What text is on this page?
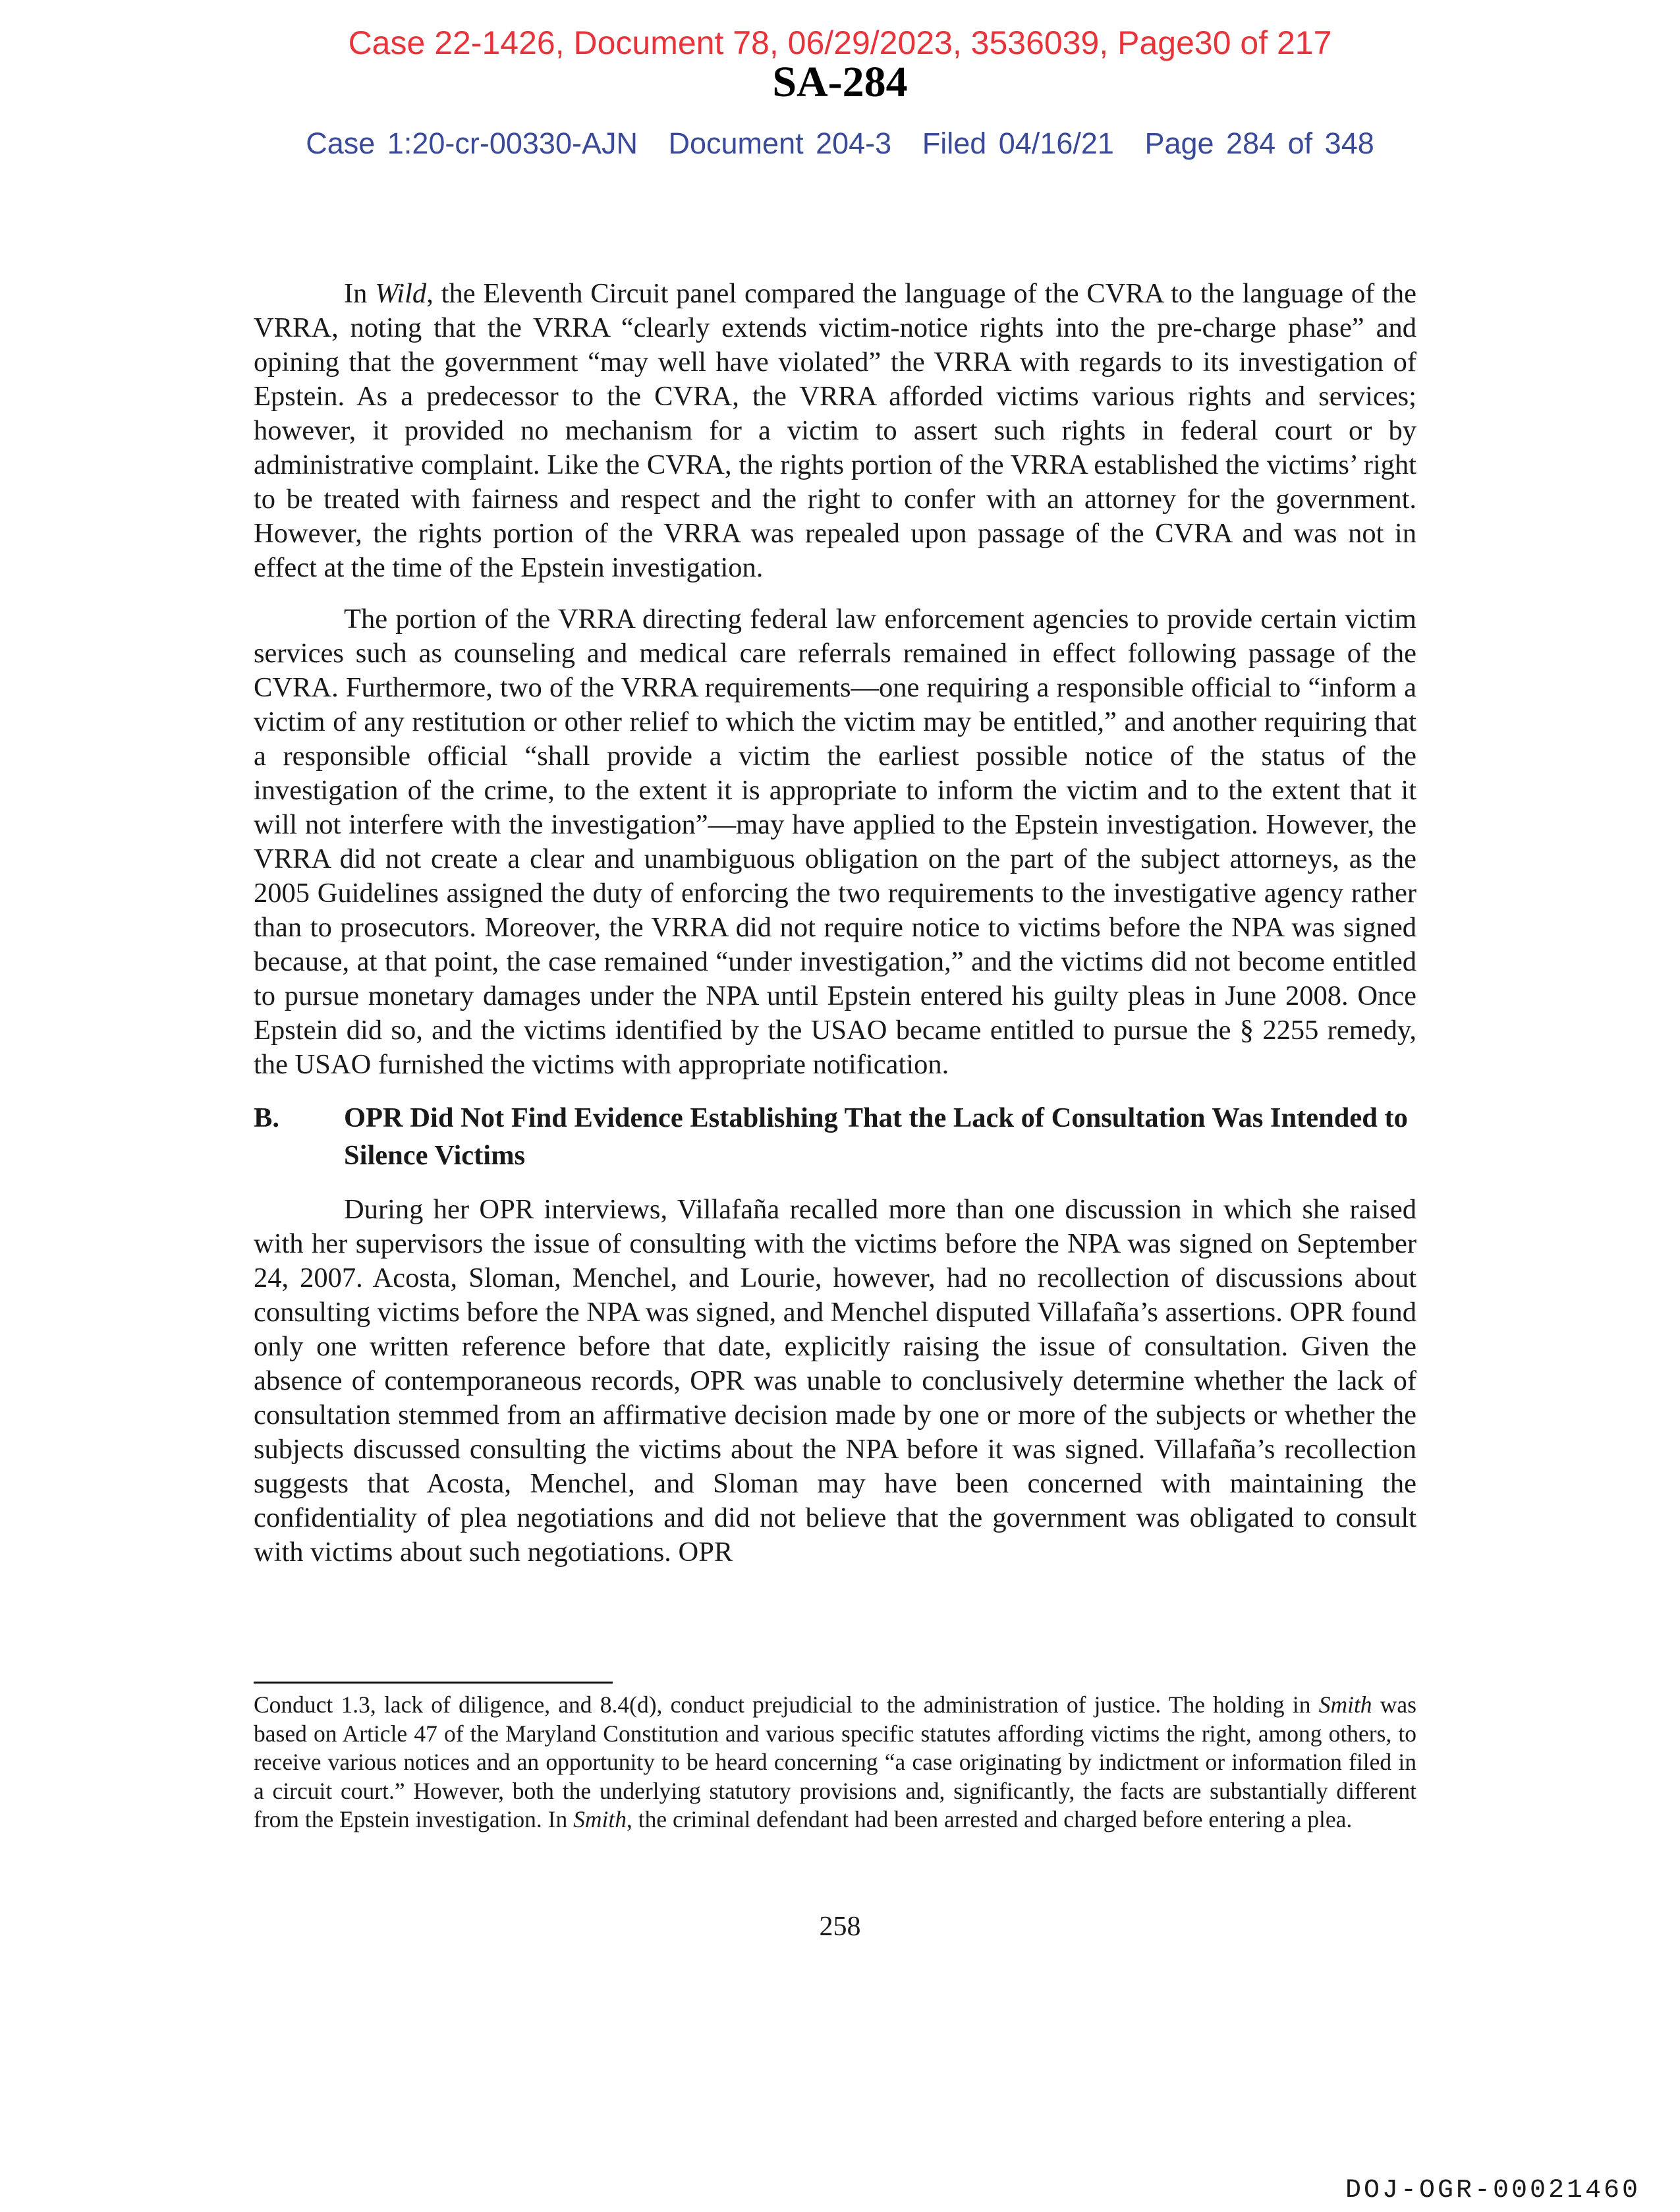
Case 22-1426, Document 78, 06/29/2023, 3536039, Page30 of 217
SA-284
Case 1:20-cr-00330-AJN Document 204-3 Filed 04/16/21 Page 284 of 348

In Wild, the Eleventh Circuit panel compared the language of the CVRA to the language of the VRRA, noting that the VRRA “clearly extends victim-notice rights into the pre-charge phase” and opining that the government “may well have violated” the VRRA with regards to its investigation of Epstein. As a predecessor to the CVRA, the VRRA afforded victims various rights and services; however, it provided no mechanism for a victim to assert such rights in federal court or by administrative complaint. Like the CVRA, the rights portion of the VRRA established the victims’ right to be treated with fairness and respect and the right to confer with an attorney for the government. However, the rights portion of the VRRA was repealed upon passage of the CVRA and was not in effect at the time of the Epstein investigation.

The portion of the VRRA directing federal law enforcement agencies to provide certain victim services such as counseling and medical care referrals remained in effect following passage of the CVRA. Furthermore, two of the VRRA requirements—one requiring a responsible official to “inform a victim of any restitution or other relief to which the victim may be entitled,” and another requiring that a responsible official “shall provide a victim the earliest possible notice of the status of the investigation of the crime, to the extent it is appropriate to inform the victim and to the extent that it will not interfere with the investigation”—may have applied to the Epstein investigation. However, the VRRA did not create a clear and unambiguous obligation on the part of the subject attorneys, as the 2005 Guidelines assigned the duty of enforcing the two requirements to the investigative agency rather than to prosecutors. Moreover, the VRRA did not require notice to victims before the NPA was signed because, at that point, the case remained “under investigation,” and the victims did not become entitled to pursue monetary damages under the NPA until Epstein entered his guilty pleas in June 2008. Once Epstein did so, and the victims identified by the USAO became entitled to pursue the § 2255 remedy, the USAO furnished the victims with appropriate notification.

B.	OPR Did Not Find Evidence Establishing That the Lack of Consultation Was Intended to Silence Victims

During her OPR interviews, Villafaña recalled more than one discussion in which she raised with her supervisors the issue of consulting with the victims before the NPA was signed on September 24, 2007. Acosta, Sloman, Menchel, and Lourie, however, had no recollection of discussions about consulting victims before the NPA was signed, and Menchel disputed Villafaña’s assertions. OPR found only one written reference before that date, explicitly raising the issue of consultation. Given the absence of contemporaneous records, OPR was unable to conclusively determine whether the lack of consultation stemmed from an affirmative decision made by one or more of the subjects or whether the subjects discussed consulting the victims about the NPA before it was signed. Villafaña’s recollection suggests that Acosta, Menchel, and Sloman may have been concerned with maintaining the confidentiality of plea negotiations and did not believe that the government was obligated to consult with victims about such negotiations. OPR

Conduct 1.3, lack of diligence, and 8.4(d), conduct prejudicial to the administration of justice. The holding in Smith was based on Article 47 of the Maryland Constitution and various specific statutes affording victims the right, among others, to receive various notices and an opportunity to be heard concerning “a case originating by indictment or information filed in a circuit court.” However, both the underlying statutory provisions and, significantly, the facts are substantially different from the Epstein investigation. In Smith, the criminal defendant had been arrested and charged before entering a plea.

258
DOJ-OGR-00021460
